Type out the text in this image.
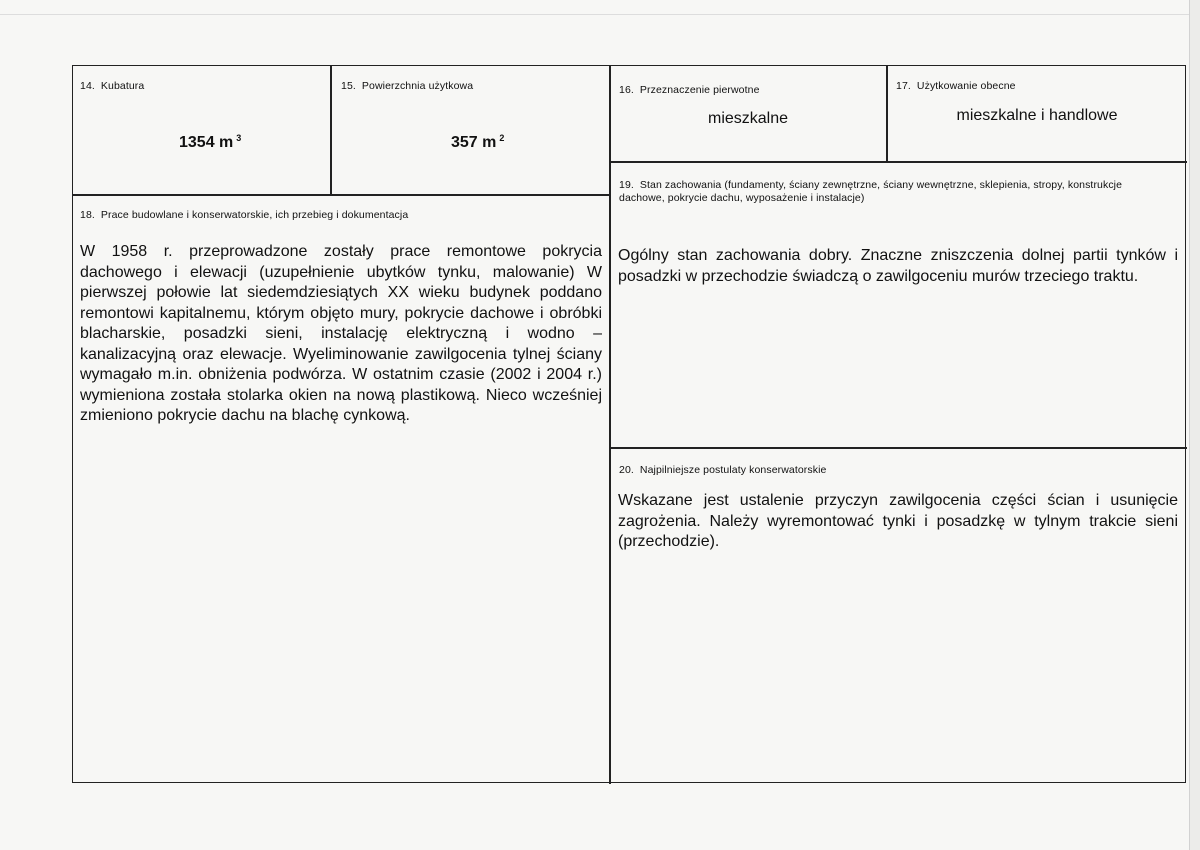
14. Kubatura
1354 m $^3$
15. Powierzchnia użytkowa
357 m $^2$
16. Przeznaczenie pierwotne
mieszkalne
17. Użytkowanie obecne
mieszkalne i handlowe
18. Prace budowlane i konserwatorskie, ich przebieg i dokumentacja
W 1958 r. przeprowadzone zostały prace remontowe pokrycia dachowego i elewacji (uzupełnienie ubytków tynku, malowanie) W pierwszej połowie lat siedemdziesiątych XX wieku budynek poddano remontowi kapitalnemu, którym objęto mury, pokrycie dachowe i obróbki blacharskie, posadzki sieni, instalację elektryczną i wodno – kanalizacyjną oraz elewacje. Wyeliminowanie zawilgocenia tylnej ściany wymagało m.in. obniżenia podwórza. W ostatnim czasie (2002 i 2004 r.) wymieniona została stolarka okien na nową plastikową. Nieco wcześniej zmieniono pokrycie dachu na blachę cynkową.
19. Stan zachowania (fundamenty, ściany zewnętrzne, ściany wewnętrzne, sklepienia, stropy, konstrukcje dachowe, pokrycie dachu, wyposażenie i instalacje)
Ogólny stan zachowania dobry. Znaczne zniszczenia dolnej partii tynków i posadzki w przechodzie świadczą o zawilgoceniu murów trzeciego traktu.
20. Najpilniejsze postulaty konserwatorskie
Wskazane jest ustalenie przyczyn zawilgocenia części ścian i usunięcie zagrożenia. Należy wyremontować tynki i posadzkę w tylnym trakcie sieni (przechodzie).
